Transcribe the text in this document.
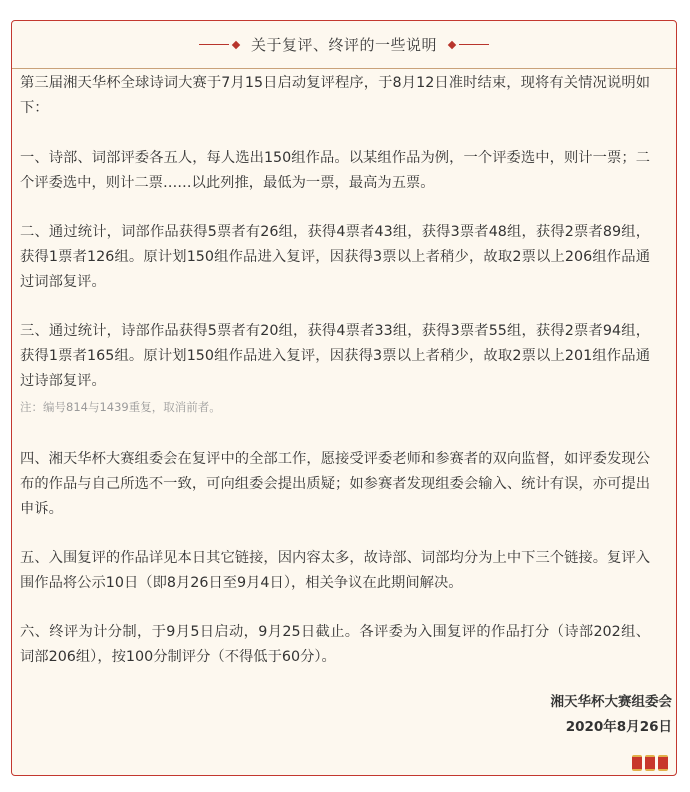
关于复评、终评的一些说明

第三届湘天华杯全球诗词大赛于7月15日启动复评程序，于8月12日准时结束，现将有关情况说明如下：

一、诗部、词部评委各五人，每人选出150组作品。以某组作品为例，一个评委选中，则计一票；二个评委选中，则计二票……以此列推，最低为一票，最高为五票。

二、通过统计，词部作品获得5票者有26组，获得4票者43组，获得3票者48组，获得2票者89组，获得1票者126组。原计划150组作品进入复评，因获得3票以上者稍少，故取2票以上206组作品通过词部复评。

三、通过统计，诗部作品获得5票者有20组，获得4票者33组，获得3票者55组，获得2票者94组，获得1票者165组。原计划150组作品进入复评，因获得3票以上者稍少，故取2票以上201组作品通过诗部复评。

注：编号814与1439重复，取消前者。

四、湘天华杯大赛组委会在复评中的全部工作，愿接受评委老师和参赛者的双向监督，如评委发现公布的作品与自己所选不一致，可向组委会提出质疑；如参赛者发现组委会输入、统计有误，亦可提出申诉。

五、入围复评的作品详见本日其它链接，因内容太多，故诗部、词部均分为上中下三个链接。复评入围作品将公示10日（即8月26日至9月4日），相关争议在此期间解决。

六、终评为计分制，于9月5日启动，9月25日截止。各评委为入围复评的作品打分（诗部202组、词部206组），按100分制评分（不得低于60分）。

湘天华杯大赛组委会
2020年8月26日
